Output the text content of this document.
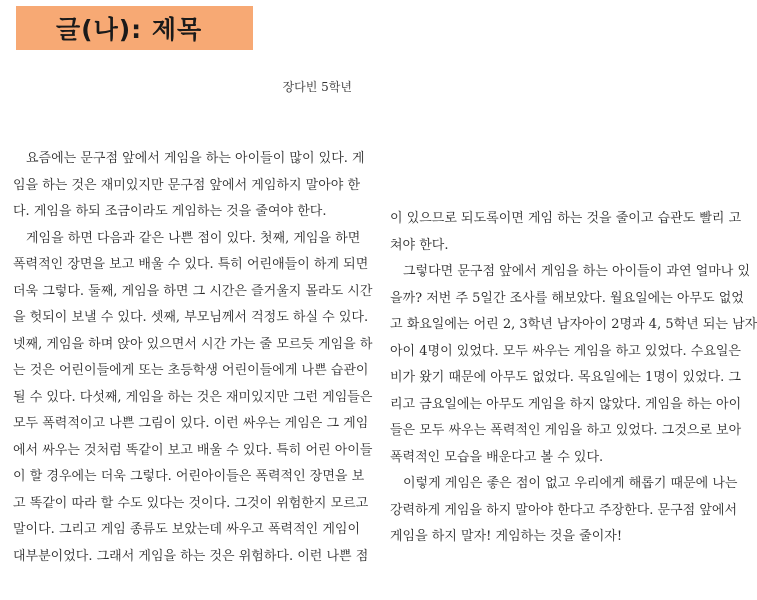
글(나): 제목
장다빈 5학년
요즘에는 문구점 앞에서 게임을 하는 아이들이 많이 있다. 게
임을 하는 것은 재미있지만 문구점 앞에서 게임하지 말아야 한
다. 게임을 하되 조금이라도 게임하는 것을 줄여야 한다.
게임을 하면 다음과 같은 나쁜 점이 있다. 첫째, 게임을 하면
폭력적인 장면을 보고 배울 수 있다. 특히 어린애들이 하게 되면
더욱 그렇다. 둘째, 게임을 하면 그 시간은 즐거울지 몰라도 시간
을 헛되이 보낼 수 있다. 셋째, 부모님께서 걱정도 하실 수 있다.
넷째, 게임을 하며 앉아 있으면서 시간 가는 줄 모르듯 게임을 하
는 것은 어린이들에게 또는 초등학생 어린이들에게 나쁜 습관이
될 수 있다. 다섯째, 게임을 하는 것은 재미있지만 그런 게임들은
모두 폭력적이고 나쁜 그림이 있다. 이런 싸우는 게임은 그 게임
에서 싸우는 것처럼 똑같이 보고 배울 수 있다. 특히 어린 아이들
이 할 경우에는 더욱 그렇다. 어린아이들은 폭력적인 장면을 보
고 똑같이 따라 할 수도 있다는 것이다. 그것이 위험한지 모르고
말이다. 그리고 게임 종류도 보았는데 싸우고 폭력적인 게임이
대부분이었다. 그래서 게임을 하는 것은 위험하다. 이런 나쁜 점
이 있으므로 되도록이면 게임 하는 것을 줄이고 습관도 빨리 고
쳐야 한다.
그렇다면 문구점 앞에서 게임을 하는 아이들이 과연 얼마나 있
을까? 저번 주 5일간 조사를 해보았다. 월요일에는 아무도 없었
고 화요일에는 어린 2, 3학년 남자아이 2명과 4, 5학년 되는 남자
아이 4명이 있었다. 모두 싸우는 게임을 하고 있었다. 수요일은
비가 왔기 때문에 아무도 없었다. 목요일에는 1명이 있었다. 그
리고 금요일에는 아무도 게임을 하지 않았다. 게임을 하는 아이
들은 모두 싸우는 폭력적인 게임을 하고 있었다. 그것으로 보아
폭력적인 모습을 배운다고 볼 수 있다.
이렇게 게임은 좋은 점이 없고 우리에게 해롭기 때문에 나는
강력하게 게임을 하지 말아야 한다고 주장한다. 문구점 앞에서
게임을 하지 말자! 게임하는 것을 줄이자!
